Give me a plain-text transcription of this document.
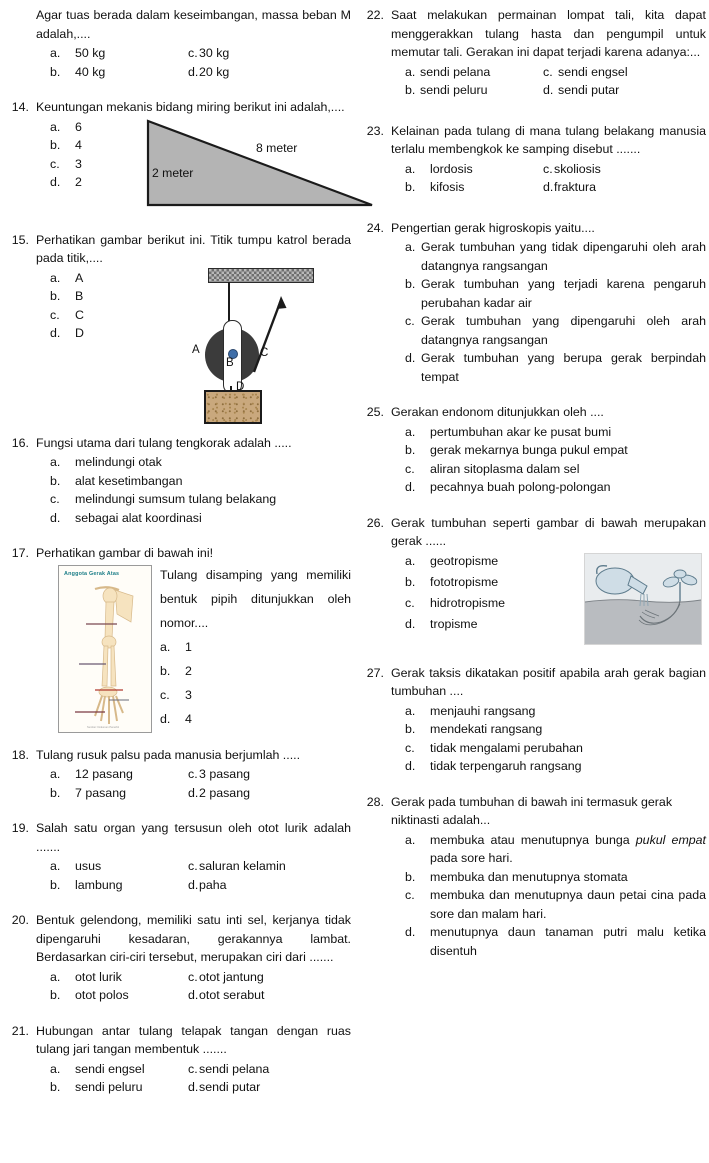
Agar tuas berada dalam keseimbangan, massa beban M adalah,....
a.	50 kg	c. 30 kg
b.	40 kg	d. 20 kg
14. Keuntungan mekanis bidang miring berikut ini adalah,....
a.	6
b.	4
c.	3
d.	2
8 meter
2 meter
15. Perhatikan gambar berikut ini. Titik tumpu katrol berada pada titik,....
a.	A
b.	B
c.	C
d.	D
A
B
C
D
16. Fungsi utama dari tulang tengkorak adalah .....
a.	melindungi otak
b.	alat kesetimbangan
c.	melindungi sumsum tulang belakang
d.	sebagai alat koordinasi
17. Perhatikan gambar di bawah ini!
Anggota Gerak Atas
Sumber: Dokumen Penerbit
Tulang disamping yang memiliki bentuk pipih ditunjukkan oleh nomor....
a.	1
b.	2
c.	3
d.	4
18. Tulang rusuk palsu pada manusia berjumlah .....
a.	12 pasang	c. 3 pasang
b.	7 pasang	d. 2 pasang
19. Salah satu organ yang tersusun oleh otot lurik adalah .......
a.	usus	c. saluran kelamin
b.	lambung	d. paha
20. Bentuk gelendong, memiliki satu inti sel, kerjanya tidak dipengaruhi kesadaran, gerakannya lambat. Berdasarkan ciri-ciri tersebut, merupakan ciri dari .......
a.	otot lurik	c. otot jantung
b.	otot polos	d. otot serabut
21. Hubungan antar tulang telapak tangan dengan ruas tulang jari tangan membentuk .......
a.	sendi engsel	c. sendi pelana
b.	sendi peluru	d. sendi putar
22. Saat melakukan permainan lompat tali, kita dapat menggerakkan tulang hasta dan pengumpil untuk memutar tali. Gerakan ini dapat terjadi karena adanya:...
a. sendi pelana	c. sendi engsel
b. sendi peluru	d. sendi putar
23. Kelainan pada tulang di mana tulang belakang manusia terlalu membengkok ke samping disebut .......
a.	lordosis	c. skoliosis
b.	kifosis	d. fraktura
24. Pengertian gerak higroskopis yaitu....
a. Gerak tumbuhan yang tidak dipengaruhi oleh arah datangnya rangsangan
b. Gerak tumbuhan yang terjadi karena pengaruh perubahan kadar air
c. Gerak tumbuhan yang dipengaruhi oleh arah datangnya rangsangan
d. Gerak tumbuhan yang berupa gerak berpindah tempat
25. Gerakan endonom ditunjukkan oleh ....
a.	pertumbuhan akar ke pusat bumi
b.	gerak mekarnya bunga pukul empat
c.	aliran sitoplasma dalam sel
d.	pecahnya buah polong-polongan
26. Gerak tumbuhan seperti gambar di bawah merupakan gerak ......
a.	geotropisme
b.	fototropisme
c.	hidrotropisme
d.	tropisme
27. Gerak taksis dikatakan positif apabila arah gerak bagian tumbuhan ....
a.	menjauhi rangsang
b.	mendekati rangsang
c.	tidak mengalami perubahan
d.	tidak terpengaruh rangsang
28. Gerak pada tumbuhan di bawah ini termasuk gerak niktinasti adalah...
a.	membuka atau menutupnya bunga pukul empat pada sore hari.
b.	membuka dan menutupnya stomata
c.	membuka dan menutupnya daun petai cina pada sore dan malam hari.
d.	menutupnya daun tanaman putri malu ketika disentuh
